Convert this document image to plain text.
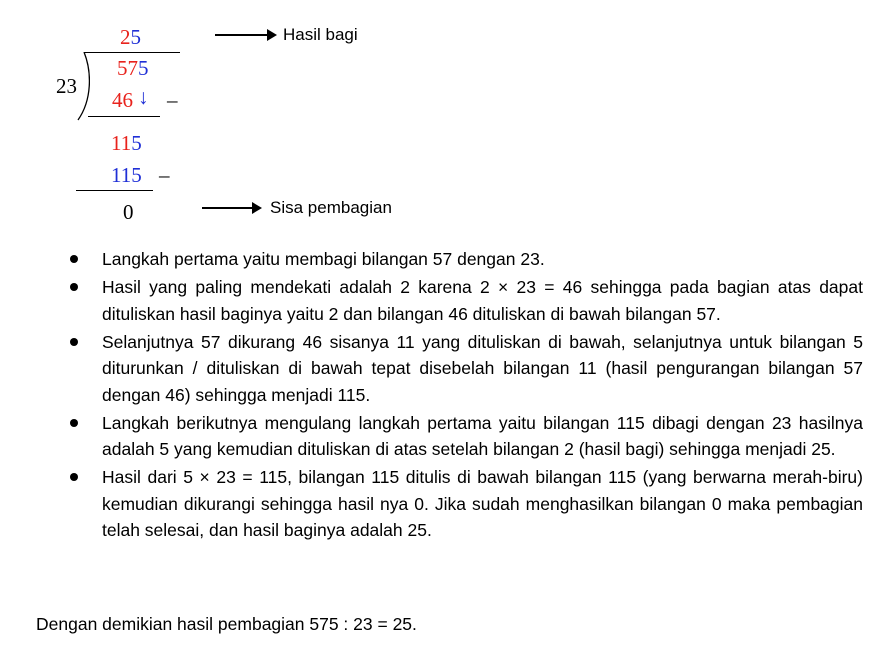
25
23
575
46 ↓ –
115
115 –
0
Hasil bagi
Sisa pembagian
Langkah pertama yaitu membagi bilangan 57 dengan 23.
Hasil yang paling mendekati adalah 2 karena 2 × 23 = 46 sehingga pada bagian atas dapat dituliskan hasil baginya yaitu 2 dan bilangan 46 dituliskan di bawah bilangan 57.
Selanjutnya 57 dikurang 46 sisanya 11 yang dituliskan di bawah, selanjutnya untuk bilangan 5 diturunkan / dituliskan di bawah tepat disebelah bilangan 11 (hasil pengurangan bilangan 57 dengan 46) sehingga menjadi 115.
Langkah berikutnya mengulang langkah pertama yaitu bilangan 115 dibagi dengan 23 hasilnya adalah 5 yang kemudian dituliskan di atas setelah bilangan 2 (hasil bagi) sehingga menjadi 25.
Hasil dari 5 × 23 = 115, bilangan 115 ditulis di bawah bilangan 115 (yang berwarna merah-biru) kemudian dikurangi sehingga hasil nya 0. Jika sudah menghasilkan bilangan 0 maka pembagian telah selesai, dan hasil baginya adalah 25.
Dengan demikian hasil pembagian 575 : 23 = 25.
